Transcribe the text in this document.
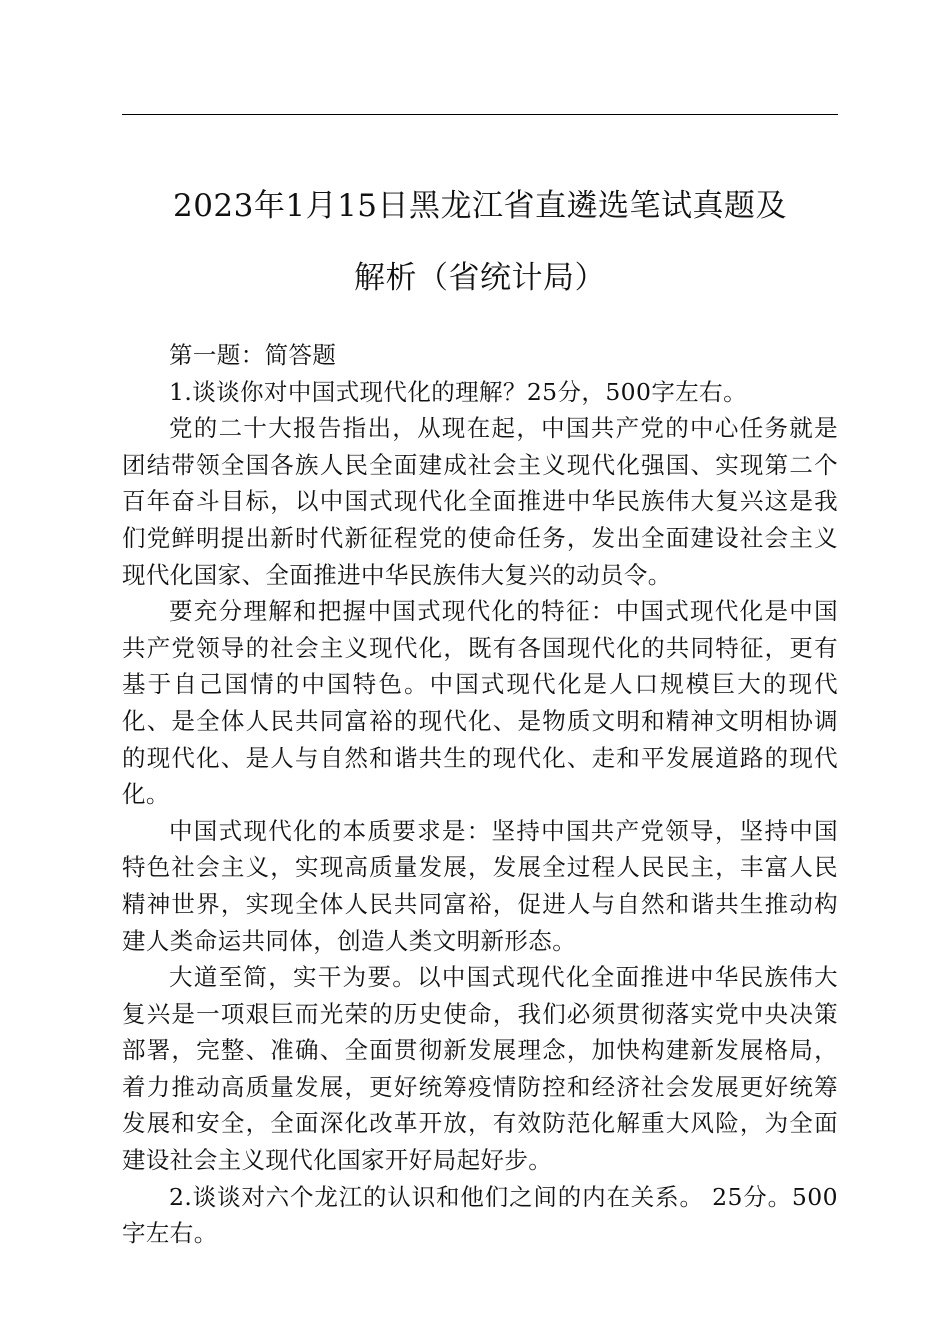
2023年1月15日黑龙江省直遴选笔试真题及
解析（省统计局）

第一题：简答题

1.谈谈你对中国式现代化的理解？25分，500字左右。

党的二十大报告指出，从现在起，中国共产党的中心任务就是团结带领全国各族人民全面建成社会主义现代化强国、实现第二个百年奋斗目标，以中国式现代化全面推进中华民族伟大复兴这是我们党鲜明提出新时代新征程党的使命任务，发出全面建设社会主义现代化国家、全面推进中华民族伟大复兴的动员令。

要充分理解和把握中国式现代化的特征：中国式现代化是中国共产党领导的社会主义现代化，既有各国现代化的共同特征，更有基于自己国情的中国特色。中国式现代化是人口规模巨大的现代化、是全体人民共同富裕的现代化、是物质文明和精神文明相协调的现代化、是人与自然和谐共生的现代化、走和平发展道路的现代化。

中国式现代化的本质要求是：坚持中国共产党领导，坚持中国特色社会主义，实现高质量发展，发展全过程人民民主，丰富人民精神世界，实现全体人民共同富裕，促进人与自然和谐共生推动构建人类命运共同体，创造人类文明新形态。

大道至简，实干为要。以中国式现代化全面推进中华民族伟大复兴是一项艰巨而光荣的历史使命，我们必须贯彻落实党中央决策部署，完整、准确、全面贯彻新发展理念，加快构建新发展格局，着力推动高质量发展，更好统筹疫情防控和经济社会发展更好统筹发展和安全，全面深化改革开放，有效防范化解重大风险，为全面建设社会主义现代化国家开好局起好步。

2.谈谈对六个龙江的认识和他们之间的内在关系。 25分。500字左右。
